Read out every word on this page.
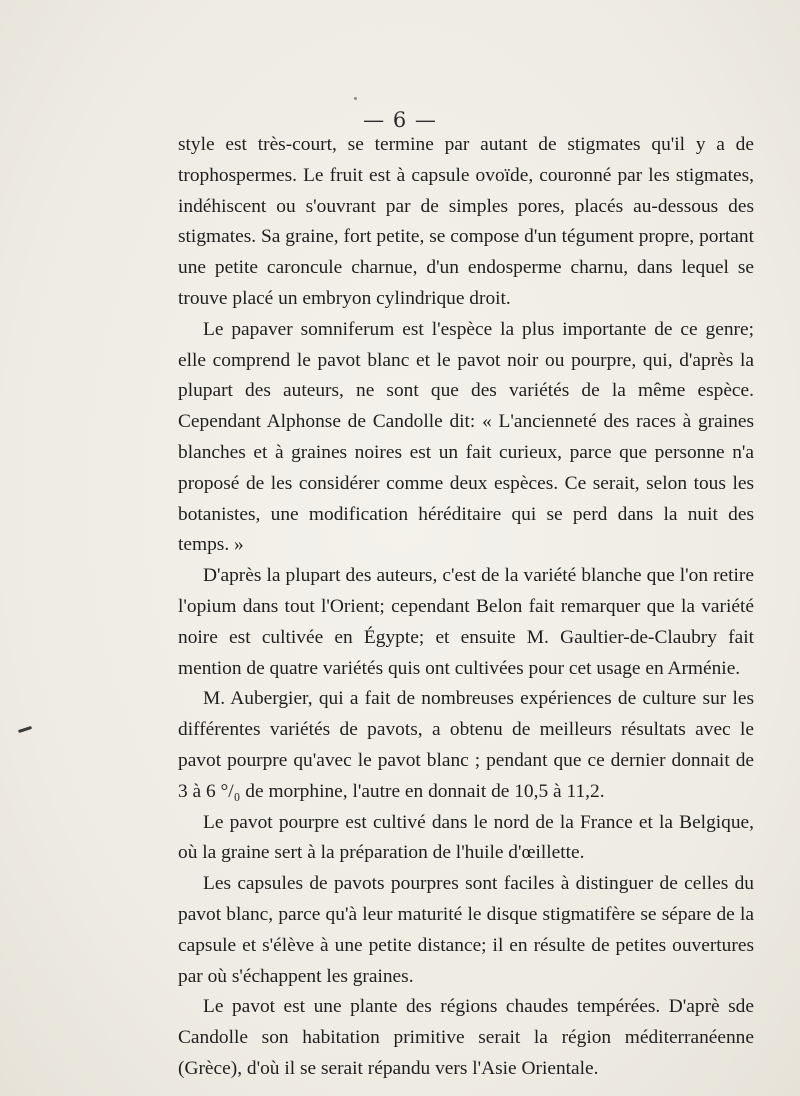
— 6 —

style est très-court, se termine par autant de stigmates qu'il y a de trophospermes. Le fruit est à capsule ovoïde, couronné par les stigmates, indéhiscent ou s'ouvrant par de simples pores, placés au-dessous des stigmates. Sa graine, fort petite, se compose d'un tégument propre, portant une petite caroncule charnue, d'un endosperme charnu, dans lequel se trouve placé un embryon cylindrique droit.

Le papaver somniferum est l'espèce la plus importante de ce genre; elle comprend le pavot blanc et le pavot noir ou pourpre, qui, d'après la plupart des auteurs, ne sont que des variétés de la même espèce. Cependant Alphonse de Candolle dit: « L'ancienneté des races à graines blanches et à graines noires est un fait curieux, parce que personne n'a proposé de les considérer comme deux espèces. Ce serait, selon tous les botanistes, une modification héréditaire qui se perd dans la nuit des temps. »

D'après la plupart des auteurs, c'est de la variété blanche que l'on retire l'opium dans tout l'Orient; cependant Belon fait remarquer que la variété noire est cultivée en Égypte; et ensuite M. Gaultier-de-Claubry fait mention de quatre variétés quis ont cultivées pour cet usage en Arménie.

M. Aubergier, qui a fait de nombreuses expériences de culture sur les différentes variétés de pavots, a obtenu de meilleurs résultats avec le pavot pourpre qu'avec le pavot blanc ; pendant que ce dernier donnait de 3 à 6 °/₀ de morphine, l'autre en donnait de 10,5 à 11,2.

Le pavot pourpre est cultivé dans le nord de la France et la Belgique, où la graine sert à la préparation de l'huile d'œillette.

Les capsules de pavots pourpres sont faciles à distinguer de celles du pavot blanc, parce qu'à leur maturité le disque stigmatifère se sépare de la capsule et s'élève à une petite distance; il en résulte de petites ouvertures par où s'échappent les graines.

Le pavot est une plante des régions chaudes tempérées. D'aprè sde Candolle son habitation primitive serait la région méditerranéenne (Grèce), d'où il se serait répandu vers l'Asie Orientale.
